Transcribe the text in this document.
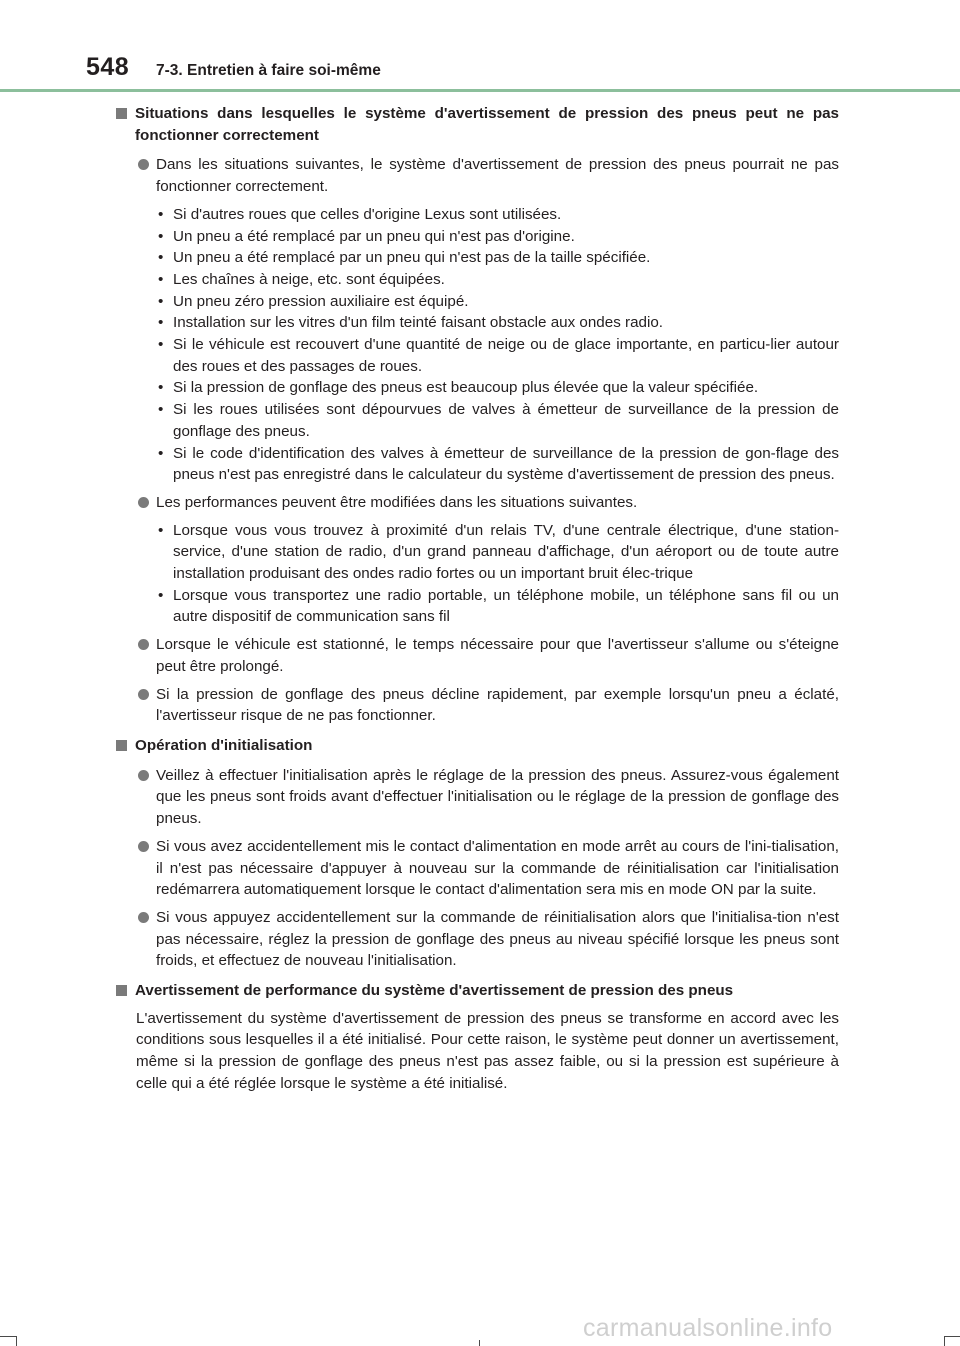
548 7-3. Entretien à faire soi-même
Situations dans lesquelles le système d'avertissement de pression des pneus peut ne pas fonctionner correctement
Dans les situations suivantes, le système d'avertissement de pression des pneus pourrait ne pas fonctionner correctement.
• Si d'autres roues que celles d'origine Lexus sont utilisées.
• Un pneu a été remplacé par un pneu qui n'est pas d'origine.
• Un pneu a été remplacé par un pneu qui n'est pas de la taille spécifiée.
• Les chaînes à neige, etc. sont équipées.
• Un pneu zéro pression auxiliaire est équipé.
• Installation sur les vitres d'un film teinté faisant obstacle aux ondes radio.
• Si le véhicule est recouvert d'une quantité de neige ou de glace importante, en particu-lier autour des roues et des passages de roues.
• Si la pression de gonflage des pneus est beaucoup plus élevée que la valeur spécifiée.
• Si les roues utilisées sont dépourvues de valves à émetteur de surveillance de la pression de gonflage des pneus.
• Si le code d'identification des valves à émetteur de surveillance de la pression de gon-flage des pneus n'est pas enregistré dans le calculateur du système d'avertissement de pression des pneus.
Les performances peuvent être modifiées dans les situations suivantes.
• Lorsque vous vous trouvez à proximité d'un relais TV, d'une centrale électrique, d'une station-service, d'une station de radio, d'un grand panneau d'affichage, d'un aéroport ou de toute autre installation produisant des ondes radio fortes ou un important bruit élec-trique
• Lorsque vous transportez une radio portable, un téléphone mobile, un téléphone sans fil ou un autre dispositif de communication sans fil
Lorsque le véhicule est stationné, le temps nécessaire pour que l'avertisseur s'allume ou s'éteigne peut être prolongé.
Si la pression de gonflage des pneus décline rapidement, par exemple lorsqu'un pneu a éclaté, l'avertisseur risque de ne pas fonctionner.
Opération d'initialisation
Veillez à effectuer l'initialisation après le réglage de la pression des pneus. Assurez-vous également que les pneus sont froids avant d'effectuer l'initialisation ou le réglage de la pression de gonflage des pneus.
Si vous avez accidentellement mis le contact d'alimentation en mode arrêt au cours de l'ini-tialisation, il n'est pas nécessaire d'appuyer à nouveau sur la commande de réinitialisation car l'initialisation redémarrera automatiquement lorsque le contact d'alimentation sera mis en mode ON par la suite.
Si vous appuyez accidentellement sur la commande de réinitialisation alors que l'initialisa-tion n'est pas nécessaire, réglez la pression de gonflage des pneus au niveau spécifié lorsque les pneus sont froids, et effectuez de nouveau l'initialisation.
Avertissement de performance du système d'avertissement de pression des pneus
L'avertissement du système d'avertissement de pression des pneus se transforme en accord avec les conditions sous lesquelles il a été initialisé. Pour cette raison, le système peut donner un avertissement, même si la pression de gonflage des pneus n'est pas assez faible, ou si la pression est supérieure à celle qui a été réglée lorsque le système a été initialisé.
carmanualsonline.info
